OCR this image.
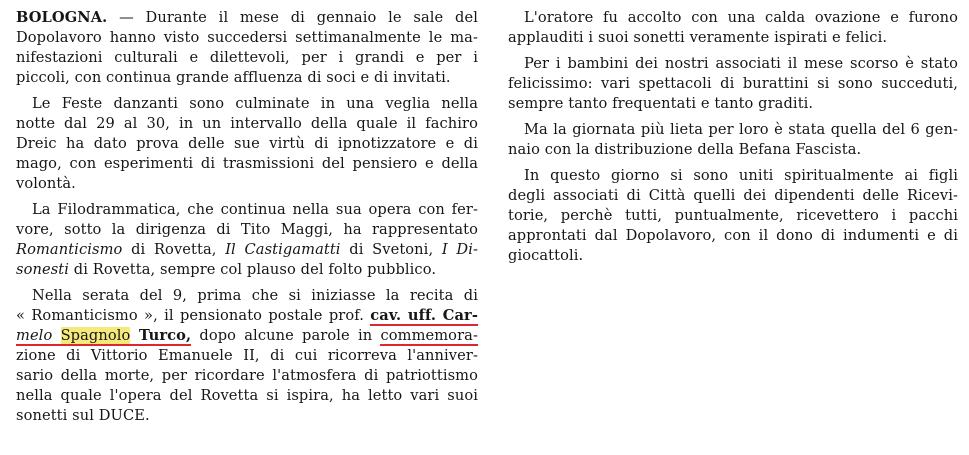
BOLOGNA. — Durante il mese di gennaio le sale del
Dopolavoro hanno visto succedersi settimanalmente le ma-
nifestazioni culturali e dilettevoli, per i grandi e per i
piccoli, con continua grande affluenza di soci e di invitati.
Le Feste danzanti sono culminate in una veglia nella
notte dal 29 al 30, in un intervallo della quale il fachiro
Dreic ha dato prova delle sue virtù di ipnotizzatore e di
mago, con esperimenti di trasmissioni del pensiero e della
volontà.
La Filodrammatica, che continua nella sua opera con fer-
vore, sotto la dirigenza di Tito Maggi, ha rappresentato
Romanticismo di Rovetta, Il Castigamatti di Svetoni, I Di-
sonesti di Rovetta, sempre col plauso del folto pubblico.
Nella serata del 9, prima che si iniziasse la recita di
« Romanticismo », il pensionato postale prof. cav. uff. Car-
melo Spagnolo Turco, dopo alcune parole in commemora-
zione di Vittorio Emanuele II, di cui ricorreva l'anniver-
sario della morte, per ricordare l'atmosfera di patriottismo
nella quale l'opera del Rovetta si ispira, ha letto vari suoi
sonetti sul DUCE.
L'oratore fu accolto con una calda ovazione e furono
applauditi i suoi sonetti veramente ispirati e felici.
Per i bambini dei nostri associati il mese scorso è stato
felicissimo: vari spettacoli di burattini si sono succeduti,
sempre tanto frequentati e tanto graditi.
Ma la giornata più lieta per loro è stata quella del 6 gen-
naio con la distribuzione della Befana Fascista.
In questo giorno si sono uniti spiritualmente ai figli
degli associati di Città quelli dei dipendenti delle Ricevi-
torie, perchè tutti, puntualmente, ricevettero i pacchi
approntati dal Dopolavoro, con il dono di indumenti e di
giocattoli.
